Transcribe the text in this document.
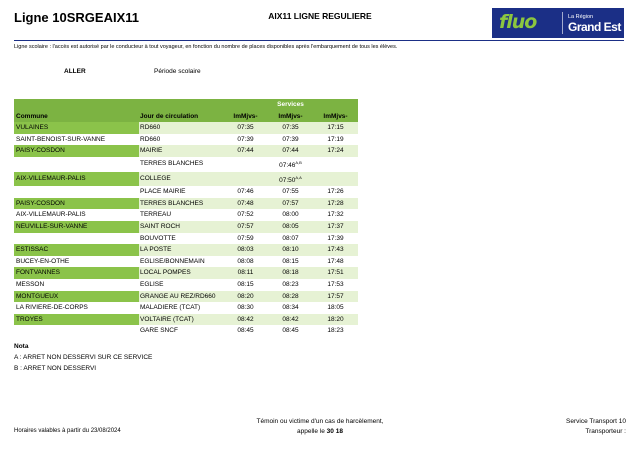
Ligne 10SRGEAIX11	AIX11 LIGNE REGULIERE	fluo	La Région
Grand Est
Ligne scolaire : l'accès est autorisé par le conducteur à tout voyageur, en fonction du nombre de places disponibles après l'embarquement de tous les élèves.
ALLER	Période scolaire
		Services		
Commune	Jour de circulation	lmMjvs-	lmMjvs-	lmMjvs-
VULAINES	RD660	07:35	07:35	17:15
SAINT-BENOIST-SUR-VANNE	RD660	07:39	07:39	17:19
PAISY-COSDON	MAIRIE	07:44	07:44	17:24
	TERRES BLANCHES		$07:46^{A,B}$	
AIX-VILLEMAUR-PALIS	COLLEGE		$07:50^{A,A}$	
	PLACE MAIRIE	07:46	07:55	17:26
PAISY-COSDON	TERRES BLANCHES	07:48	07:57	17:28
AIX-VILLEMAUR-PALIS	TERREAU	07:52	08:00	17:32
NEUVILLE-SUR-VANNE	SAINT ROCH	07:57	08:05	17:37
	BOUVOTTE	07:59	08:07	17:39
ESTISSAC	LA POSTE	08:03	08:10	17:43
BUCEY-EN-OTHE	EGLISE/BONNEMAIN	08:08	08:15	17:48
FONTVANNES	LOCAL POMPES	08:11	08:18	17:51
MESSON	EGLISE	08:15	08:23	17:53
MONTGUEUX	GRANGE AU REZ/RD660	08:20	08:28	17:57
LA RIVIERE-DE-CORPS	MALADIERE (TCAT)	08:30	08:34	18:05
TROYES	VOLTAIRE (TCAT)	08:42	08:42	18:20
	GARE SNCF	08:45	08:45	18:23
Nota
A : ARRET NON DESSERVI SUR CE SERVICE
B : ARRET NON DESSERVI
Horaires valables à partir du 23/08/2024
Témoin ou victime d'un cas de harcèlement,
appelle le 30 18
Service Transport 10
Transporteur :
